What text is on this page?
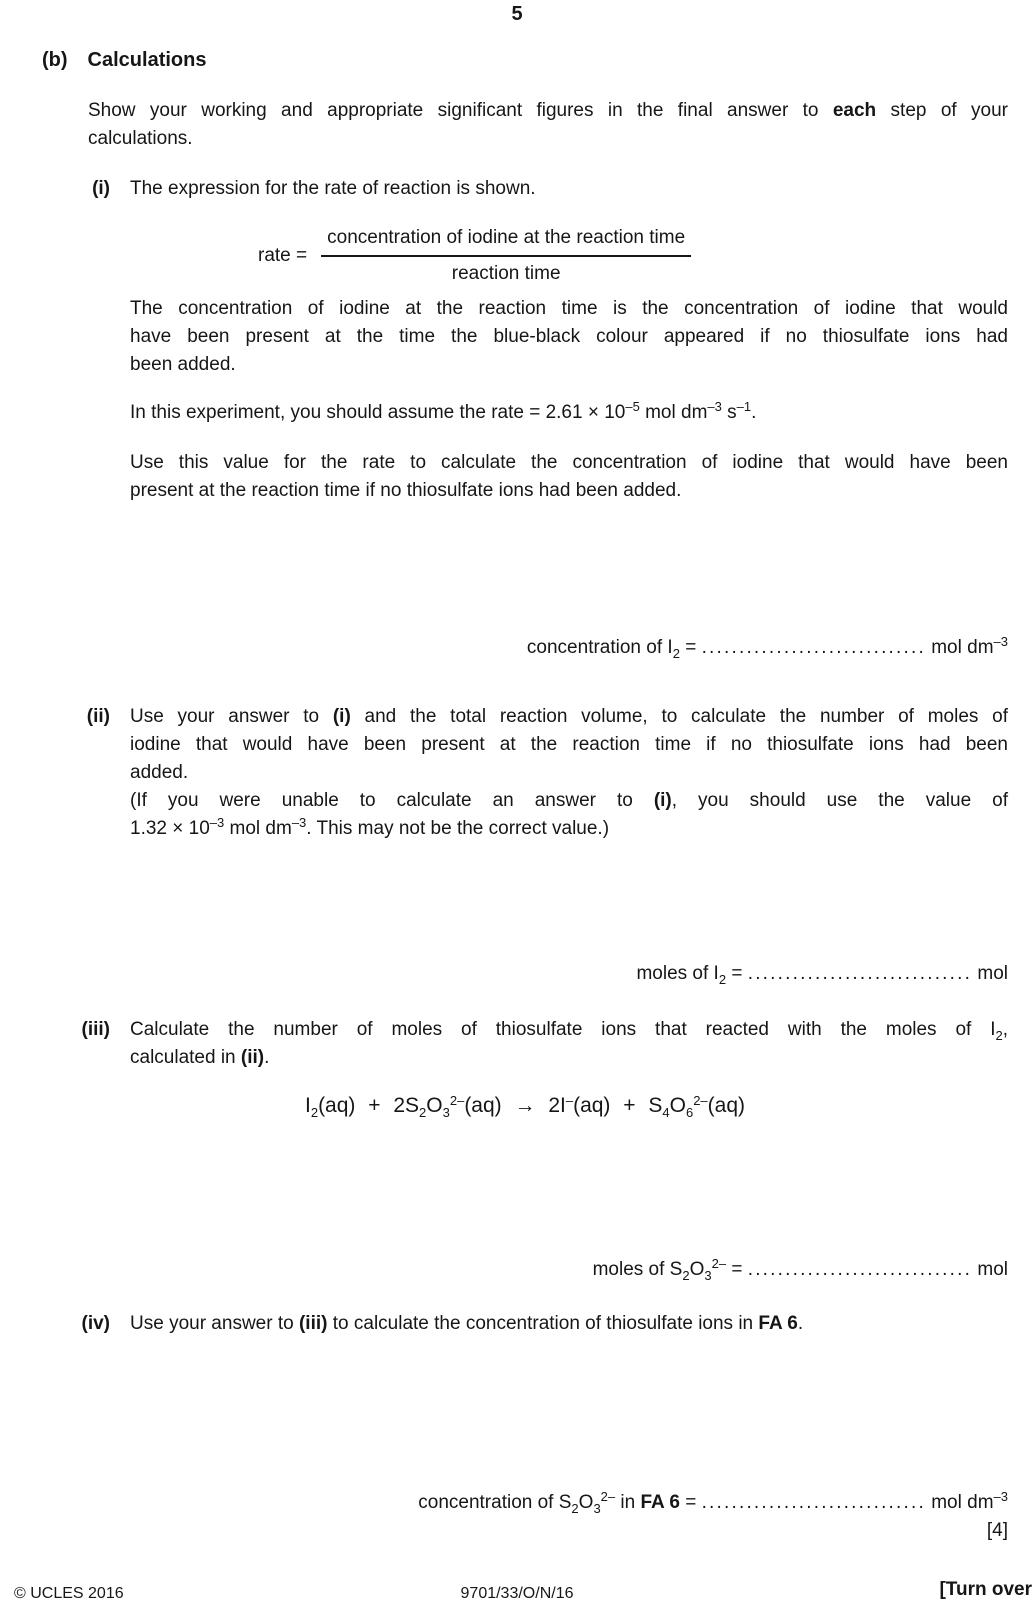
5
(b) Calculations
Show your working and appropriate significant figures in the final answer to each step of your
calculations.
(i) The expression for the rate of reaction is shown.
rate = $\frac{\text{concentration of iodine at the reaction time}}{\text{reaction time}}$
The concentration of iodine at the reaction time is the concentration of iodine that would
have been present at the time the blue-black colour appeared if no thiosulfate ions had
been added.
In this experiment, you should assume the rate = $2.61 \times 10^{-5}$ mol $dm^{-3}$ $s^{-1}$.
Use this value for the rate to calculate the concentration of iodine that would have been
present at the reaction time if no thiosulfate ions had been added.
concentration of $I_2$ = .............................. mol $dm^{-3}$
(ii) Use your answer to (i) and the total reaction volume, to calculate the number of moles of
iodine that would have been present at the reaction time if no thiosulfate ions had been
added.
(If you were unable to calculate an answer to (i), you should use the value of
$1.32 \times 10^{-3}$ mol $dm^{-3}$. This may not be the correct value.)
moles of $I_2$ = .............................. mol
(iii) Calculate the number of moles of thiosulfate ions that reacted with the moles of $I_2$,
calculated in (ii).
$I_2(aq) + 2S_2O_3^{2-}(aq) \to 2I^-(aq) + S_4O_6^{2-}(aq)$
moles of $S_2O_3^{2-}$ = .............................. mol
(iv) Use your answer to (iii) to calculate the concentration of thiosulfate ions in FA 6.
concentration of $S_2O_3^{2-}$ in FA 6 = .............................. mol $dm^{-3}$
[4]
© UCLES 2016	9701/33/O/N/16	[Turn over
